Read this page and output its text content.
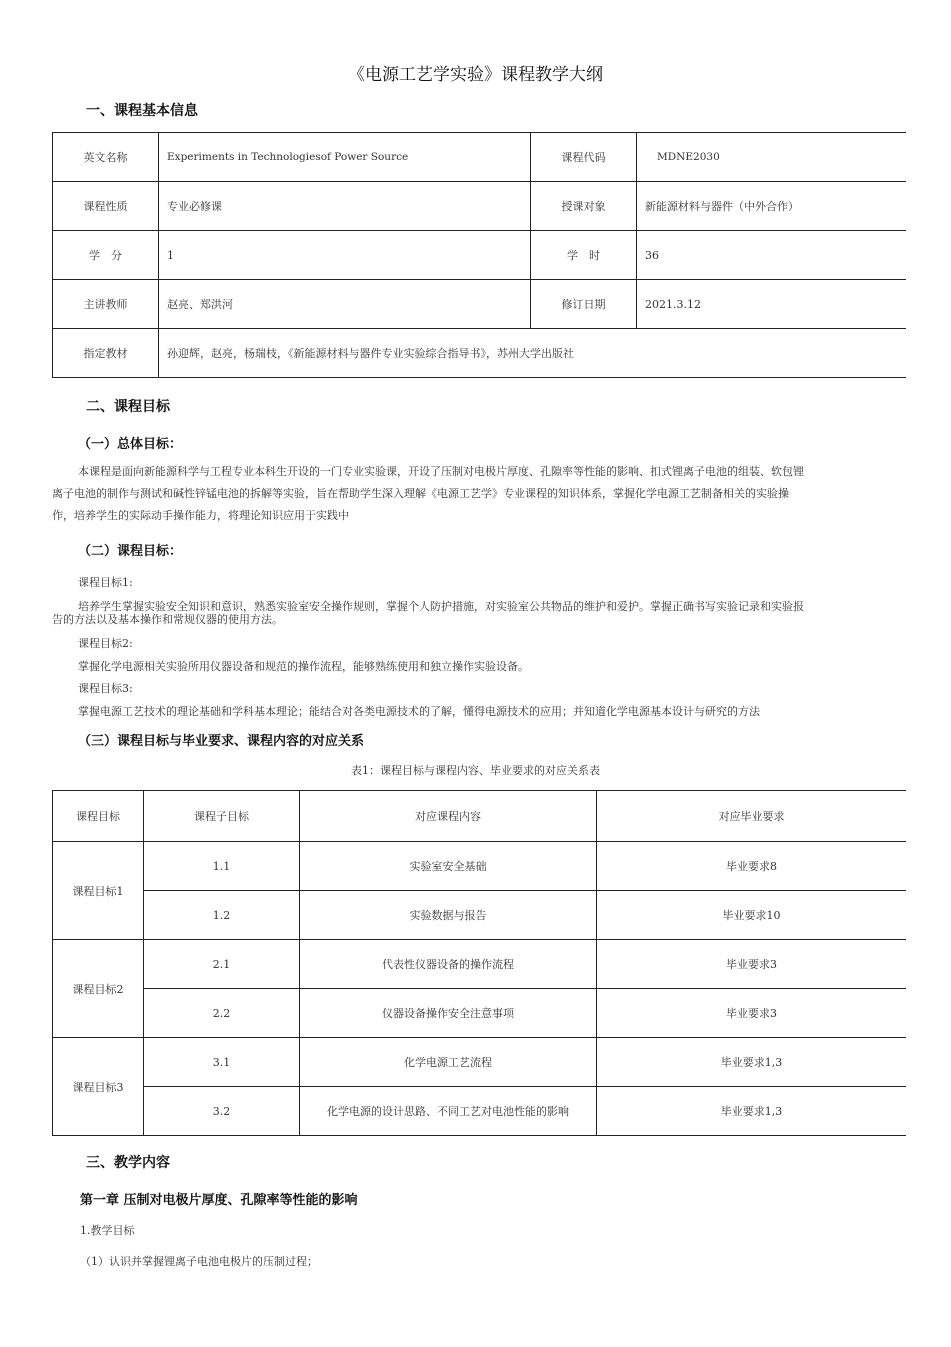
《电源工艺学实验》课程教学大纲
一、课程基本信息
英文名称	Experiments in Technologiesof Power Source	课程代码	MDNE2030
课程性质	专业必修课	授课对象	新能源材料与器件（中外合作）
学　分	1	学　时	36
主讲教师	赵亮、郑洪河	修订日期	2021.3.12
指定教材	孙迎辉，赵亮，杨瑞枝，《新能源材料与器件专业实验综合指导书》，苏州大学出版社		
二、课程目标
（一）总体目标：
本课程是面向新能源科学与工程专业本科生开设的一门专业实验课，开设了压制对电极片厚度、孔隙率等性能的影响、扣式锂离子电池的组装、软包锂
离子电池的制作与测试和碱性锌锰电池的拆解等实验，旨在帮助学生深入理解《电源工艺学》专业课程的知识体系，掌握化学电源工艺制备相关的实验操
作，培养学生的实际动手操作能力，将理论知识应用于实践中
（二）课程目标：
课程目标1:
培养学生掌握实验安全知识和意识，熟悉实验室安全操作规则，掌握个人防护措施，对实验室公共物品的维护和爱护。掌握正确书写实验记录和实验报
告的方法以及基本操作和常规仪器的使用方法。
课程目标2:
掌握化学电源相关实验所用仪器设备和规范的操作流程，能够熟练使用和独立操作实验设备。
课程目标3:
掌握电源工艺技术的理论基础和学科基本理论；能结合对各类电源技术的了解，懂得电源技术的应用；并知道化学电源基本设计与研究的方法
（三）课程目标与毕业要求、课程内容的对应关系
表1：课程目标与课程内容、毕业要求的对应关系表
课程目标	课程子目标	对应课程内容	对应毕业要求
课程目标1	1.1	实验室安全基础	毕业要求8
	1.2	实验数据与报告	毕业要求10
课程目标2	2.1	代表性仪器设备的操作流程	毕业要求3
	2.2	仪器设备操作安全注意事项	毕业要求3
课程目标3	3.1	化学电源工艺流程	毕业要求1,3
	3.2	化学电源的设计思路、不同工艺对电池性能的影响	毕业要求1,3
三、教学内容
第一章 压制对电极片厚度、孔隙率等性能的影响
1.教学目标
（1）认识并掌握锂离子电池电极片的压制过程；
